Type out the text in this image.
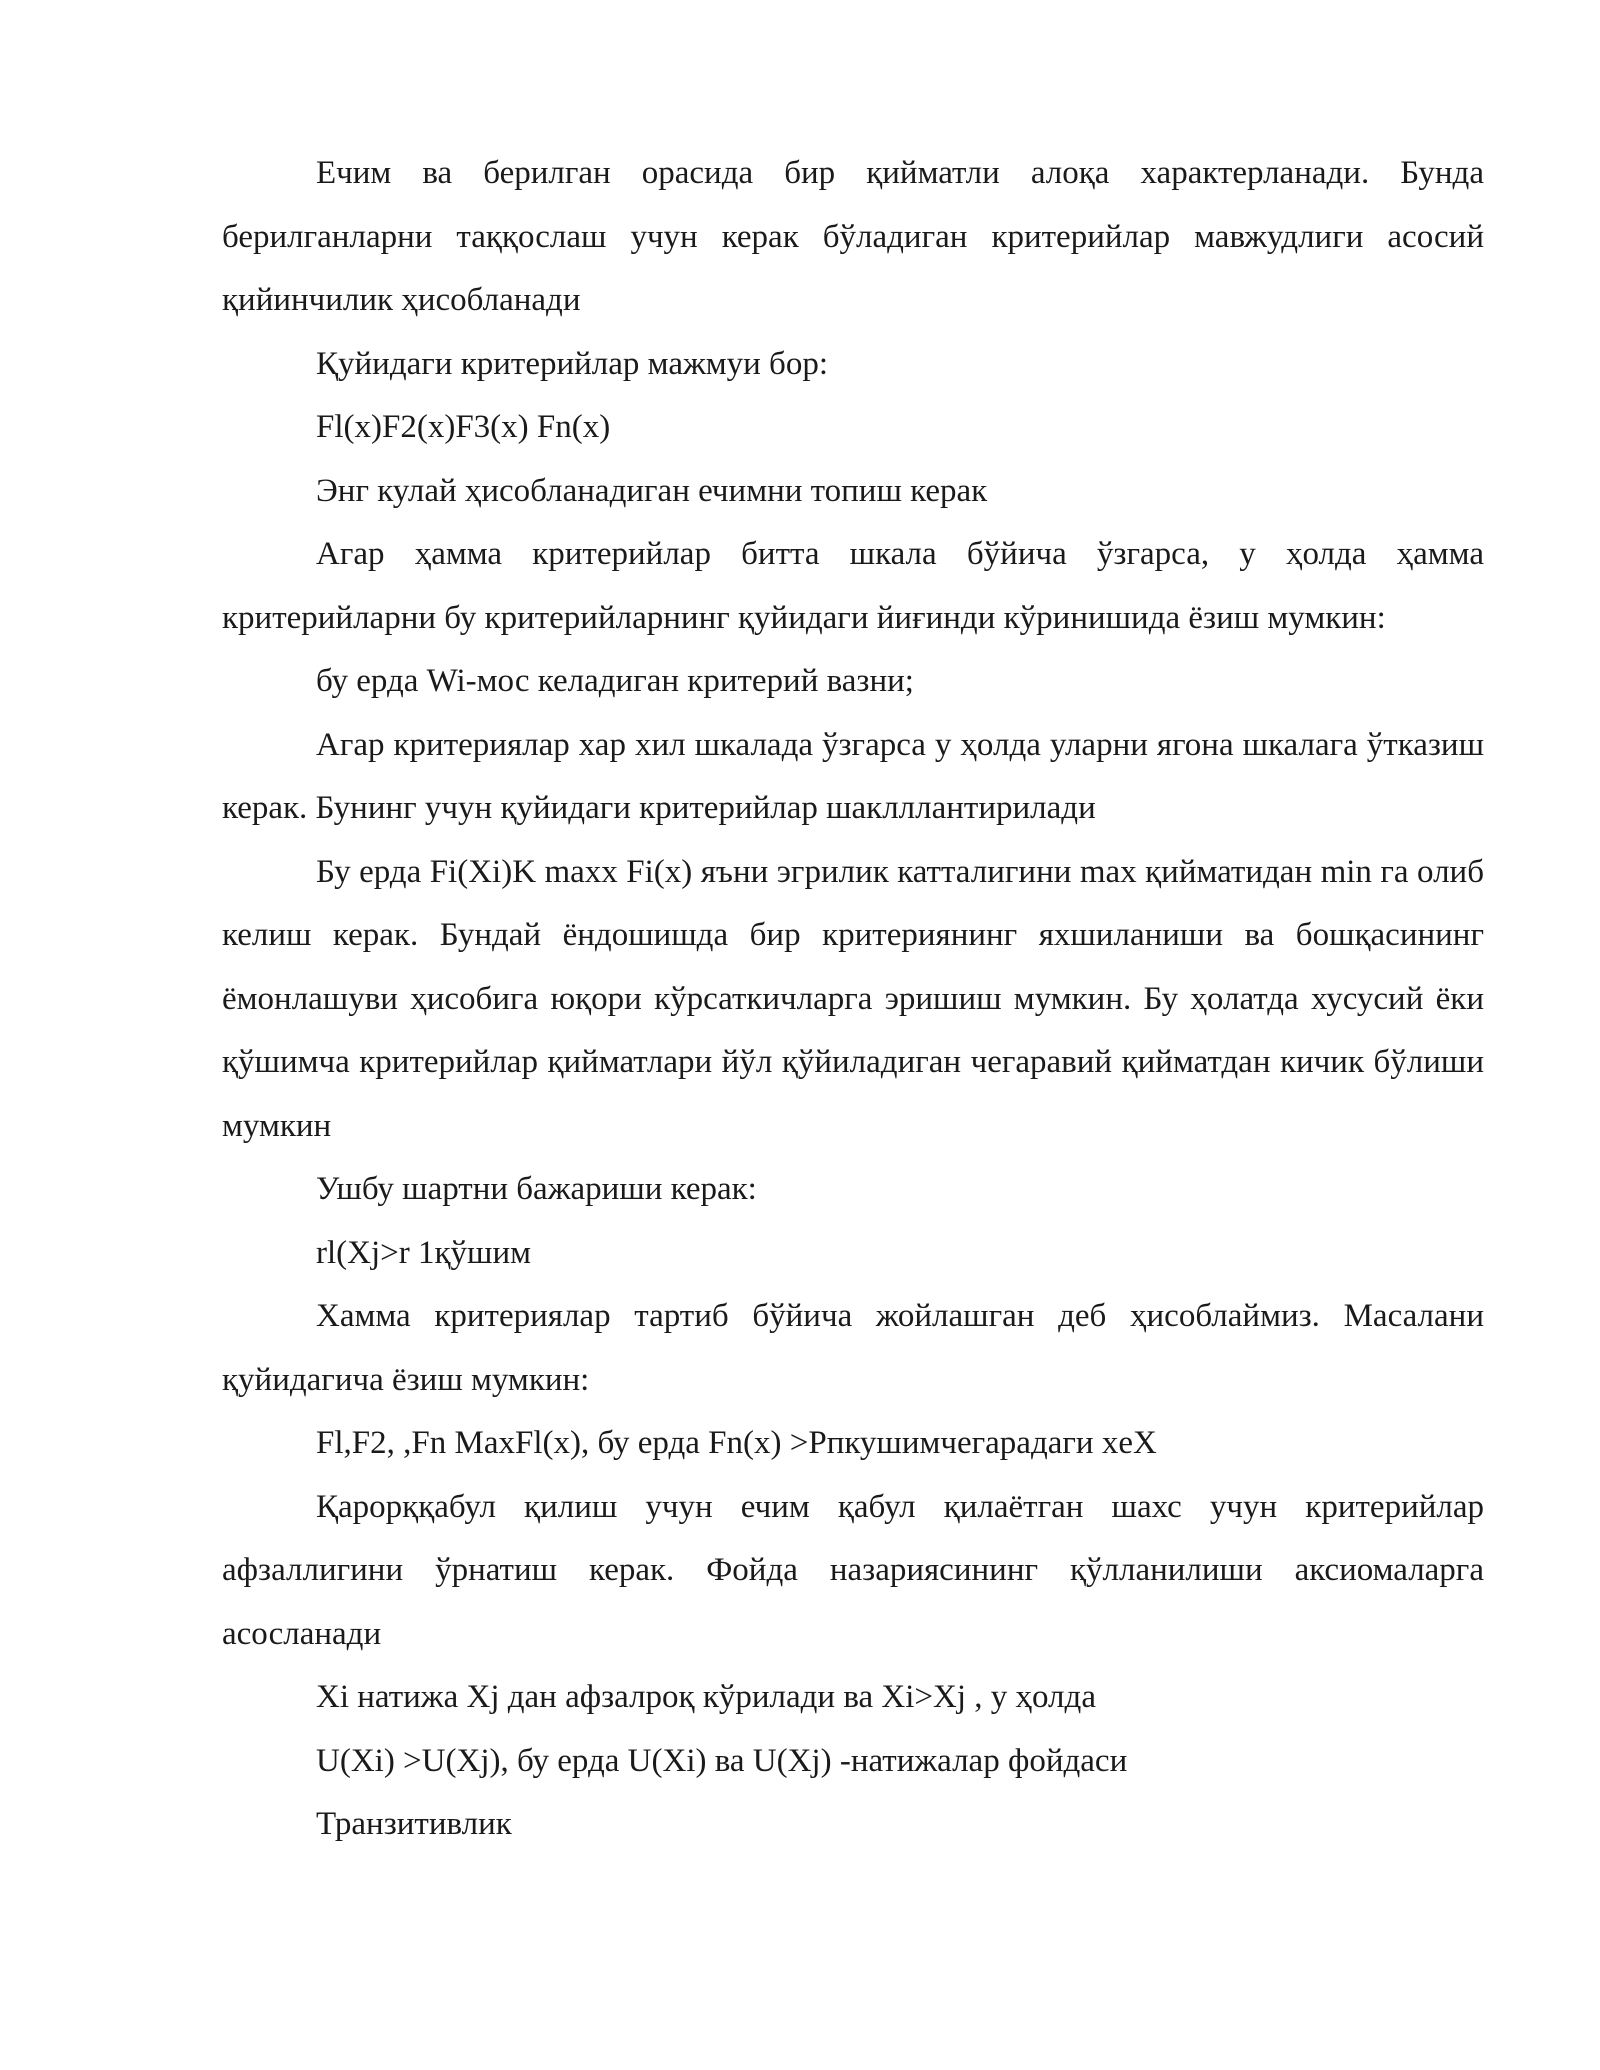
Ечим ва берилган орасида бир қийматли алоқа характерланади. Бунда берилганларни таққослаш учун керак бўладиган критерийлар мавжудлиги асосий қийинчилик ҳисобланади

Қуйидаги критерийлар мажмуи бор:

Fl(x)F2(x)F3(x) Fn(x)

Энг кулай ҳисобланадиган ечимни топиш керак

Агар ҳамма критерийлар битта шкала бўйича ўзгарса, у ҳолда ҳамма критерийларни бу критерийларнинг қуйидаги йиғинди кўринишида ёзиш мумкин:

бу ерда Wi-мос келадиган критерий вазни;

Агар критериялар хар хил шкалада ўзгарса у ҳолда уларни ягона шкалага ўтказиш керак. Бунинг учун қуйидаги критерийлар шаклллантирилади

Бу ерда Fi(Xi)K maxx Fi(x) яъни эгрилик катталигини max қийматидан min га олиб келиш керак. Бундай ёндошишда бир критериянинг яхшиланиши ва бошқасининг ёмонлашуви ҳисобига юқори кўрсаткичларга эришиш мумкин. Бу ҳолатда хусусий ёки қўшимча критерийлар қийматлари йўл қўйиладиган чегаравий қийматдан кичик бўлиши мумкин

Ушбу шартни бажариши керак:

rl(Xj>r 1қўшим

Хамма критериялар тартиб бўйича жойлашган деб ҳисоблаймиз. Масалани қуйидагича ёзиш мумкин:

Fl,F2, ,Fn MaxFl(x), бу ерда Fn(x) >Рпкушимчегарадаги xeX

Қарорққабул қилиш учун ечим қабул қилаётган шахс учун критерийлар афзаллигини ўрнатиш керак. Фойда назариясининг қўлланилиши аксиомаларга асосланади

Xi натижа Xj дан афзалроқ кўрилади ва Xi>Xj , у ҳолда

U(Xi) >U(Xj), бу ерда U(Xi) ва U(Xj) -натижалар фойдаси

Транзитивлик
